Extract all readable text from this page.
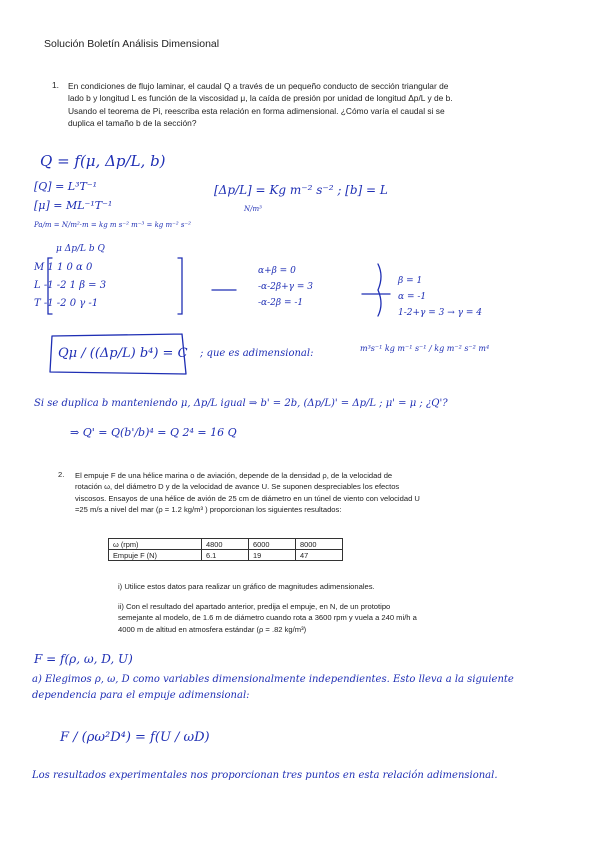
Solución Boletín Análisis Dimensional
1. En condiciones de flujo laminar, el caudal Q a través de un pequeño conducto de sección triangular de lado b y longitud L es función de la viscosidad μ, la caída de presión por unidad de longitud Δp/L y de b. Usando el teorema de Pi, reescriba esta relación en forma adimensional. ¿Cómo varía el caudal si se duplica el tamaño b de la sección?
Q = f(μ, Δp/L, b)
[Q] = L³T⁻¹
[μ] = ML⁻¹T⁻¹
Pa/m = N/m²·m = kg m s⁻² m⁻³ = kg m⁻² s⁻²
[Δp/L] = Kg m⁻² s⁻² ; [b] = L
N/m³
μ Δp/L b Q
M 1 1 0 α 0
L -1 -2 1 β = 3
T -1 -2 0 γ -1
α+β = 0
-α-2β+γ = 3
-α-2β = -1
β = 1
α = -1
1-2+γ = 3 → γ = 4
Qμ / ((Δp/L) b⁴) = C ; que es adimensional:	m³s⁻¹ kg m⁻¹ s⁻¹ / kg m⁻² s⁻² m⁴
Si se duplica b manteniendo μ, Δp/L igual ⇒ b' = 2b, (Δp/L)' = Δp/L ; μ' = μ ; ¿Q'?
⇒ Q' = Q(b'/b)⁴ = Q 2⁴ = 16 Q
2. El empuje F de una hélice marina o de aviación, depende de la densidad ρ, de la velocidad de rotación ω, del diámetro D y de la velocidad de avance U. Se suponen despreciables los efectos viscosos. Ensayos de una hélice de avión de 25 cm de diámetro en un túnel de viento con velocidad U =25 m/s a nivel del mar (ρ = 1.2 kg/m³ ) proporcionan los siguientes resultados:
ω (rpm)	4800	6000	8000
Empuje F (N)	6.1	19	47
i) Utilice estos datos para realizar un gráfico de magnitudes adimensionales.
ii) Con el resultado del apartado anterior, predija el empuje, en N, de un prototipo semejante al modelo, de 1.6 m de diámetro cuando rota a 3600 rpm y vuela a 240 mi/h a 4000 m de altitud en atmosfera estándar (ρ = .82 kg/m³)
F = f(ρ, ω, D, U)
a) Elegimos ρ, ω, D como variables dimensionalmente independientes. Esto lleva a la siguiente dependencia para el empuje adimensional:
F / (ρω²D⁴) = f(U / ωD)
Los resultados experimentales nos proporcionan tres puntos en esta relación adimensional.
